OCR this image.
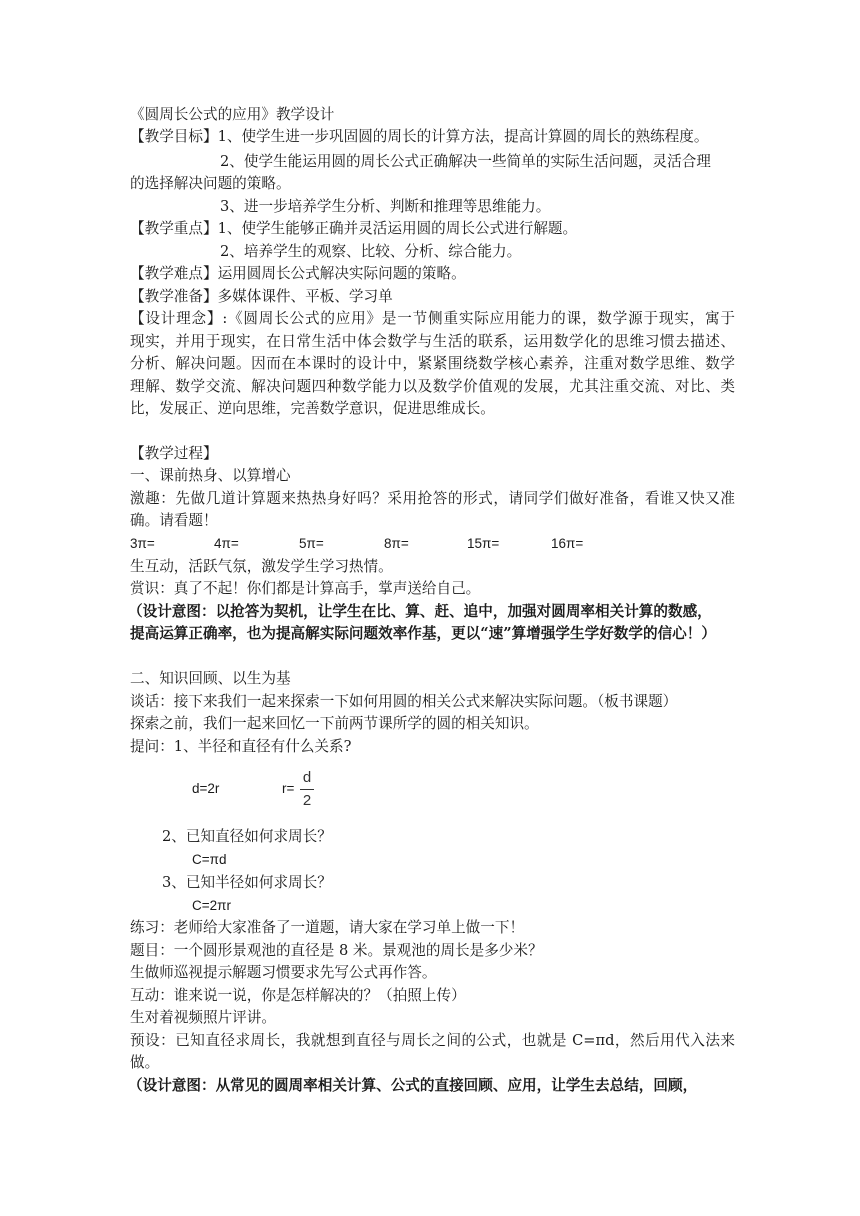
《圆周长公式的应用》教学设计
【教学目标】1、使学生进一步巩固圆的周长的计算方法，提高计算圆的周长的熟练程度。
2、使学生能运用圆的周长公式正确解决一些简单的实际生活问题，灵活合理
的选择解决问题的策略。
3、进一步培养学生分析、判断和推理等思维能力。
【教学重点】1、使学生能够正确并灵活运用圆的周长公式进行解题。
2、培养学生的观察、比较、分析、综合能力。
【教学难点】运用圆周长公式解决实际问题的策略。
【教学准备】多媒体课件、平板、学习单
【设计理念】:《圆周长公式的应用》是一节侧重实际应用能力的课，数学源于现实，寓于
现实，并用于现实，在日常生活中体会数学与生活的联系，运用数学化的思维习惯去描述、
分析、解决问题。因而在本课时的设计中，紧紧围绕数学核心素养，注重对数学思维、数学
理解、数学交流、解决问题四种数学能力以及数学价值观的发展，尤其注重交流、对比、类
比，发展正、逆向思维，完善数学意识，促进思维成长。
【教学过程】
一、课前热身、以算增心
激趣：先做几道计算题来热热身好吗？采用抢答的形式，请同学们做好准备，看谁又快又准
确。请看题！
3π=	4π=	5π=	8π=	15π=	16π=
生互动，活跃气氛，激发学生学习热情。
赏识：真了不起！你们都是计算高手，掌声送给自己。
（设计意图：以抢答为契机，让学生在比、算、赶、追中，加强对圆周率相关计算的数感，
提高运算正确率，也为提高解实际问题效率作基，更以“速”算增强学生学好数学的信心！）
二、知识回顾、以生为基
谈话：接下来我们一起来探索一下如何用圆的相关公式来解决实际问题。（板书课题）
探索之前，我们一起来回忆一下前两节课所学的圆的相关知识。
提问：1、半径和直径有什么关系?
d=2r	r=
d
2
2、已知直径如何求周长？
C=πd
3、已知半径如何求周长？
C=2πr
练习：老师给大家准备了一道题，请大家在学习单上做一下！
题目：一个圆形景观池的直径是 8 米。景观池的周长是多少米？
生做师巡视提示解题习惯要求先写公式再作答。
互动：谁来说一说，你是怎样解决的？（拍照上传）
生对着视频照片评讲。
预设：已知直径求周长，我就想到直径与周长之间的公式，也就是 C=πd，然后用代入法来
做。
（设计意图：从常见的圆周率相关计算、公式的直接回顾、应用，让学生去总结，回顾，
